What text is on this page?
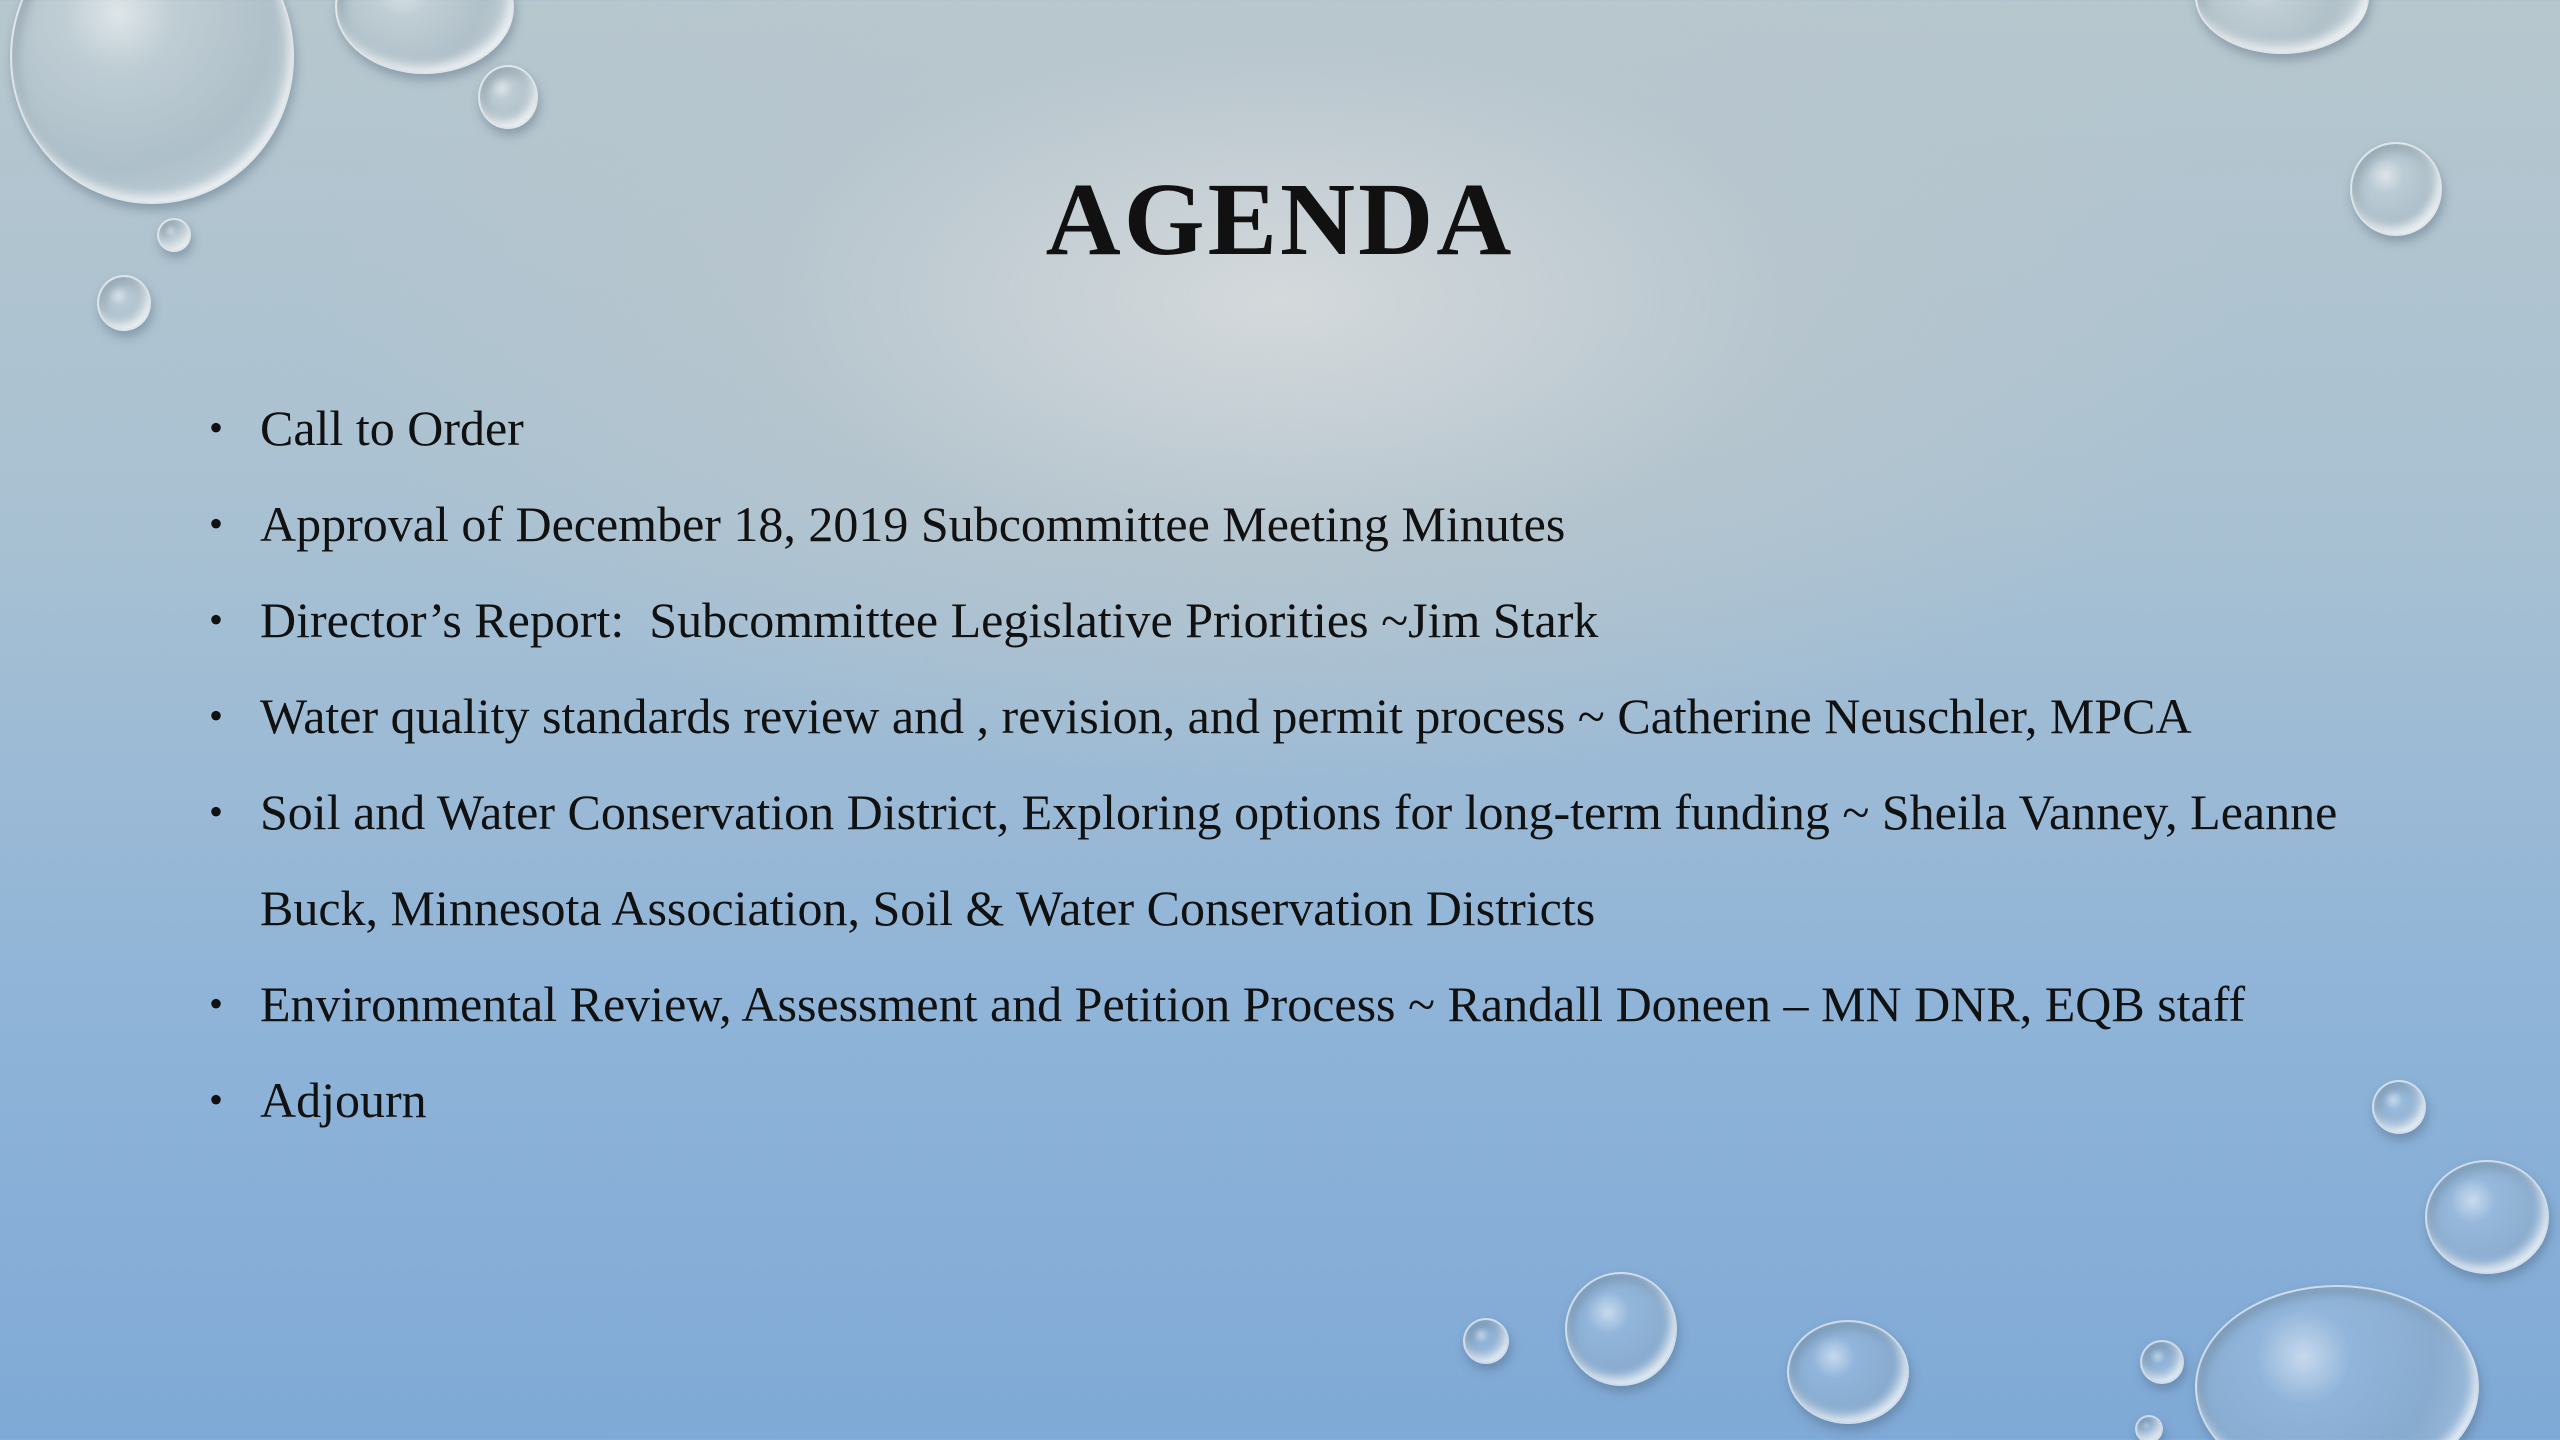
AGENDA
• Call to Order
• Approval of December 18, 2019 Subcommittee Meeting Minutes
• Director’s Report:  Subcommittee Legislative Priorities ~Jim Stark
• Water quality standards review and , revision, and permit process ~ Catherine Neuschler, MPCA
• Soil and Water Conservation District, Exploring options for long-term funding ~ Sheila Vanney, Leanne Buck, Minnesota Association, Soil & Water Conservation Districts
• Environmental Review, Assessment and Petition Process ~ Randall Doneen – MN DNR, EQB staff
• Adjourn
